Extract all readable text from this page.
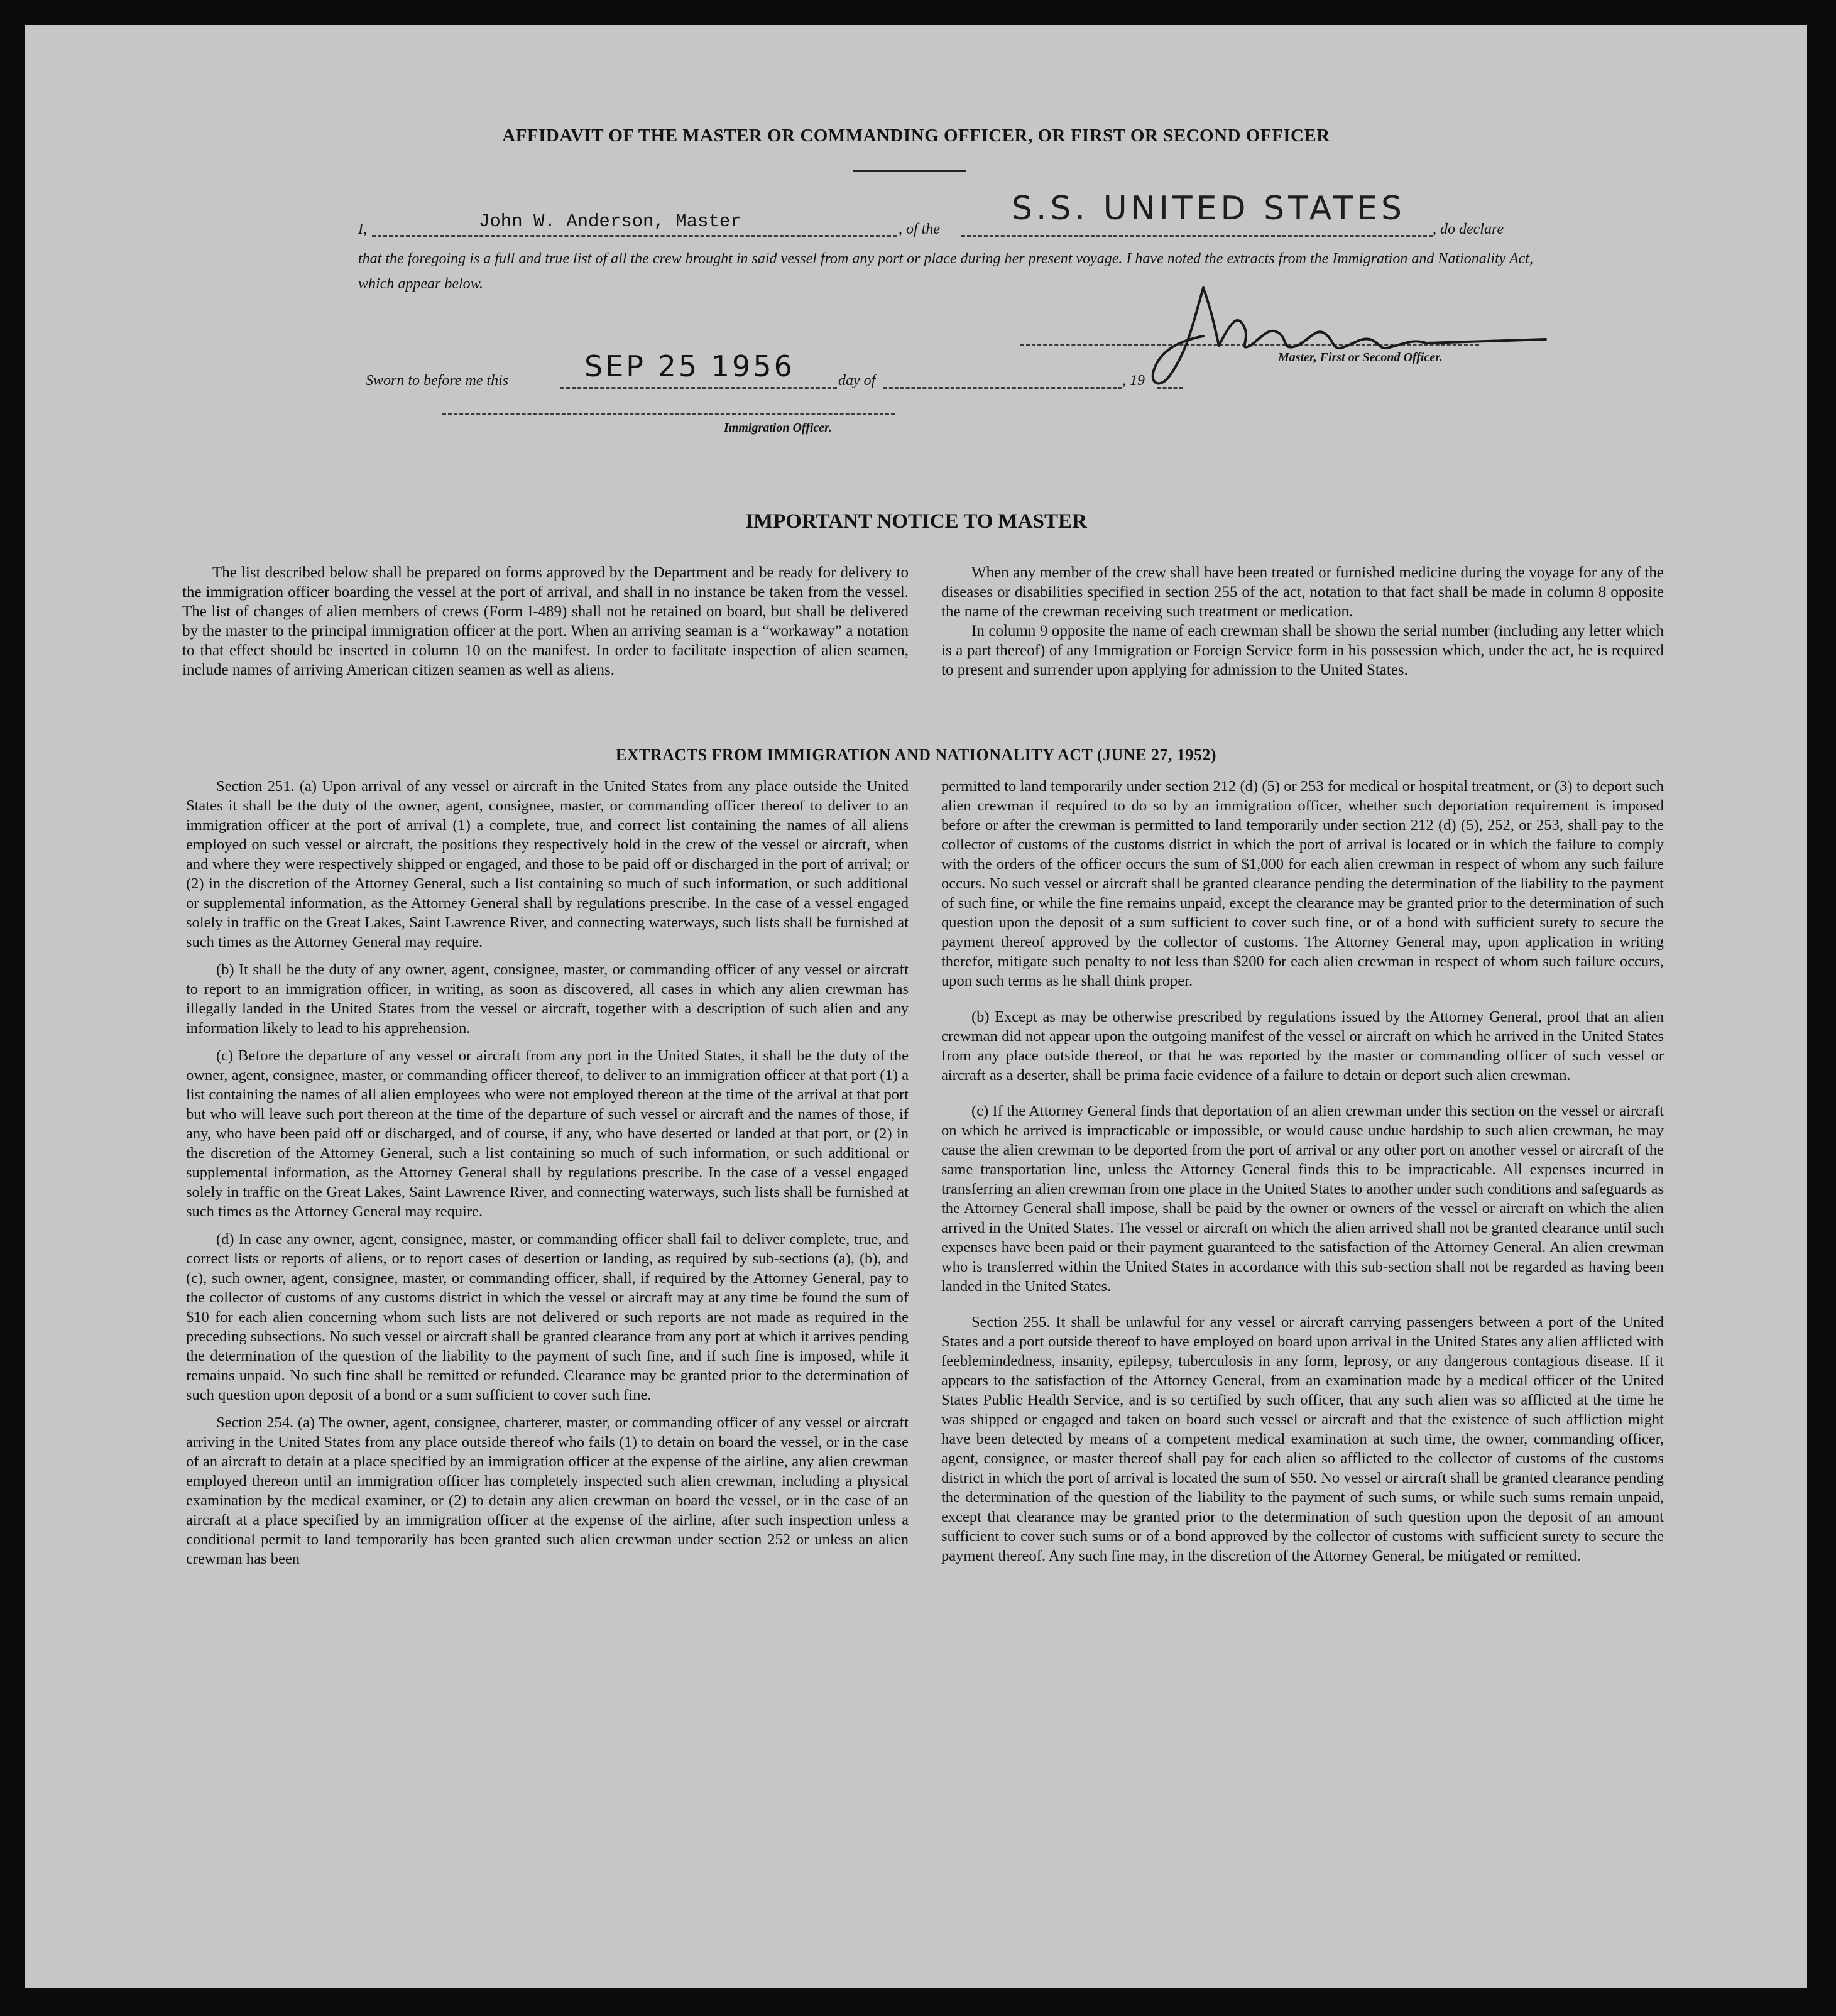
AFFIDAVIT OF THE MASTER OR COMMANDING OFFICER, OR FIRST OR SECOND OFFICER
I,	John W. Anderson, Master	, of the
S.S. UNITED STATES
, do declare
that the foregoing is a full and true list of all the crew brought in said vessel from any port or place during her present voyage. I have noted the extracts from the Immigration and Nationality Act, which appear below.
Master, First or Second Officer.
Sworn to before me this	SEP 25 1956	day of	, 19
Immigration Officer.
IMPORTANT NOTICE TO MASTER

The list described below shall be prepared on forms approved by the Department and be ready for delivery to the immigration officer boarding the vessel at the port of arrival, and shall in no instance be taken from the vessel. The list of changes of alien members of crews (Form I-489) shall not be retained on board, but shall be delivered by the master to the principal immigration officer at the port. When an arriving seaman is a “workaway” a notation to that effect should be inserted in column 10 on the manifest. In order to facilitate inspection of alien seamen, include names of arriving American citizen seamen as well as aliens.

When any member of the crew shall have been treated or furnished medicine during the voyage for any of the diseases or disabilities specified in section 255 of the act, notation to that fact shall be made in column 8 opposite the name of the crewman receiving such treatment or medication.

In column 9 opposite the name of each crewman shall be shown the serial number (including any letter which is a part thereof) of any Immigration or Foreign Service form in his possession which, under the act, he is required to present and surrender upon applying for admission to the United States.

EXTRACTS FROM IMMIGRATION AND NATIONALITY ACT (JUNE 27, 1952)

Section 251. (a) Upon arrival of any vessel or aircraft in the United States from any place outside the United States it shall be the duty of the owner, agent, consignee, master, or commanding officer thereof to deliver to an immigration officer at the port of arrival (1) a complete, true, and correct list containing the names of all aliens employed on such vessel or aircraft, the positions they respectively hold in the crew of the vessel or aircraft, when and where they were respectively shipped or engaged, and those to be paid off or discharged in the port of arrival; or (2) in the discretion of the Attorney General, such a list containing so much of such information, or such additional or supplemental information, as the Attorney General shall by regulations prescribe. In the case of a vessel engaged solely in traffic on the Great Lakes, Saint Lawrence River, and connecting waterways, such lists shall be furnished at such times as the Attorney General may require.

(b) It shall be the duty of any owner, agent, consignee, master, or commanding officer of any vessel or aircraft to report to an immigration officer, in writing, as soon as discovered, all cases in which any alien crewman has illegally landed in the United States from the vessel or aircraft, together with a description of such alien and any information likely to lead to his apprehension.

(c) Before the departure of any vessel or aircraft from any port in the United States, it shall be the duty of the owner, agent, consignee, master, or commanding officer thereof, to deliver to an immigration officer at that port (1) a list containing the names of all alien employees who were not employed thereon at the time of the arrival at that port but who will leave such port thereon at the time of the departure of such vessel or aircraft and the names of those, if any, who have been paid off or discharged, and of course, if any, who have deserted or landed at that port, or (2) in the discretion of the Attorney General, such a list containing so much of such information, or such additional or supplemental information, as the Attorney General shall by regulations prescribe. In the case of a vessel engaged solely in traffic on the Great Lakes, Saint Lawrence River, and connecting waterways, such lists shall be furnished at such times as the Attorney General may require.

(d) In case any owner, agent, consignee, master, or commanding officer shall fail to deliver complete, true, and correct lists or reports of aliens, or to report cases of desertion or landing, as required by sub-sections (a), (b), and (c), such owner, agent, consignee, master, or commanding officer, shall, if required by the Attorney General, pay to the collector of customs of any customs district in which the vessel or aircraft may at any time be found the sum of $10 for each alien concerning whom such lists are not delivered or such reports are not made as required in the preceding subsections. No such vessel or aircraft shall be granted clearance from any port at which it arrives pending the determination of the question of the liability to the payment of such fine, and if such fine is imposed, while it remains unpaid. No such fine shall be remitted or refunded. Clearance may be granted prior to the determination of such question upon deposit of a bond or a sum sufficient to cover such fine.

Section 254. (a) The owner, agent, consignee, charterer, master, or commanding officer of any vessel or aircraft arriving in the United States from any place outside thereof who fails (1) to detain on board the vessel, or in the case of an aircraft to detain at a place specified by an immigration officer at the expense of the airline, any alien crewman employed thereon until an immigration officer has completely inspected such alien crewman, including a physical examination by the medical examiner, or (2) to detain any alien crewman on board the vessel, or in the case of an aircraft at a place specified by an immigration officer at the expense of the airline, after such inspection unless a conditional permit to land temporarily has been granted such alien crewman under section 252 or unless an alien crewman has been

permitted to land temporarily under section 212 (d) (5) or 253 for medical or hospital treatment, or (3) to deport such alien crewman if required to do so by an immigration officer, whether such deportation requirement is imposed before or after the crewman is permitted to land temporarily under section 212 (d) (5), 252, or 253, shall pay to the collector of customs of the customs district in which the port of arrival is located or in which the failure to comply with the orders of the officer occurs the sum of $1,000 for each alien crewman in respect of whom any such failure occurs. No such vessel or aircraft shall be granted clearance pending the determination of the liability to the payment of such fine, or while the fine remains unpaid, except the clearance may be granted prior to the determination of such question upon the deposit of a sum sufficient to cover such fine, or of a bond with sufficient surety to secure the payment thereof approved by the collector of customs. The Attorney General may, upon application in writing therefor, mitigate such penalty to not less than $200 for each alien crewman in respect of whom such failure occurs, upon such terms as he shall think proper.

(b) Except as may be otherwise prescribed by regulations issued by the Attorney General, proof that an alien crewman did not appear upon the outgoing manifest of the vessel or aircraft on which he arrived in the United States from any place outside thereof, or that he was reported by the master or commanding officer of such vessel or aircraft as a deserter, shall be prima facie evidence of a failure to detain or deport such alien crewman.

(c) If the Attorney General finds that deportation of an alien crewman under this section on the vessel or aircraft on which he arrived is impracticable or impossible, or would cause undue hardship to such alien crewman, he may cause the alien crewman to be deported from the port of arrival or any other port on another vessel or aircraft of the same transportation line, unless the Attorney General finds this to be impracticable. All expenses incurred in transferring an alien crewman from one place in the United States to another under such conditions and safeguards as the Attorney General shall impose, shall be paid by the owner or owners of the vessel or aircraft on which the alien arrived in the United States. The vessel or aircraft on which the alien arrived shall not be granted clearance until such expenses have been paid or their payment guaranteed to the satisfaction of the Attorney General. An alien crewman who is transferred within the United States in accordance with this sub-section shall not be regarded as having been landed in the United States.

Section 255. It shall be unlawful for any vessel or aircraft carrying passengers between a port of the United States and a port outside thereof to have employed on board upon arrival in the United States any alien afflicted with feeblemindedness, insanity, epilepsy, tuberculosis in any form, leprosy, or any dangerous contagious disease. If it appears to the satisfaction of the Attorney General, from an examination made by a medical officer of the United States Public Health Service, and is so certified by such officer, that any such alien was so afflicted at the time he was shipped or engaged and taken on board such vessel or aircraft and that the existence of such affliction might have been detected by means of a competent medical examination at such time, the owner, commanding officer, agent, consignee, or master thereof shall pay for each alien so afflicted to the collector of customs of the customs district in which the port of arrival is located the sum of $50. No vessel or aircraft shall be granted clearance pending the determination of the question of the liability to the payment of such sums, or while such sums remain unpaid, except that clearance may be granted prior to the determination of such question upon the deposit of an amount sufficient to cover such sums or of a bond approved by the collector of customs with sufficient surety to secure the payment thereof. Any such fine may, in the discretion of the Attorney General, be mitigated or remitted.
